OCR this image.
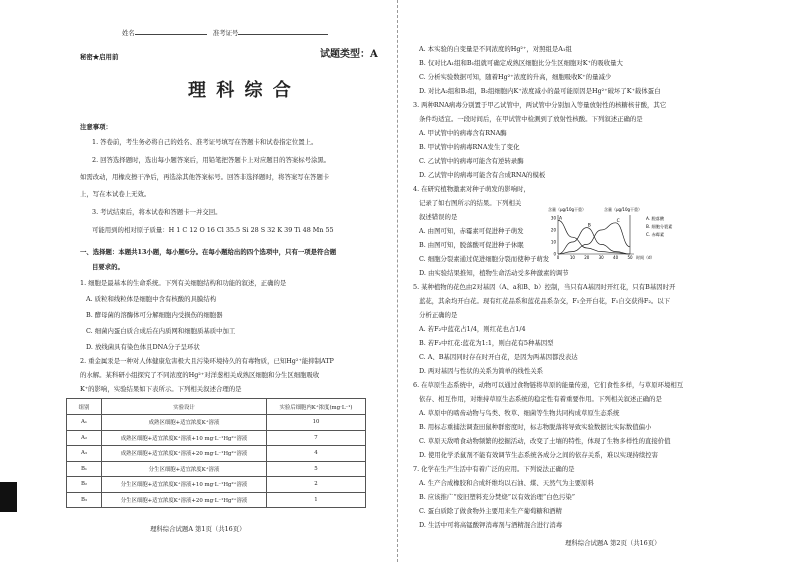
姓名	准考证号
试题类型：A
秘密★启用前
理 科 综 合
注意事项：
1. 答卷前，考生务必将自己的姓名、准考证号填写在答题卡和试卷指定位置上。
2. 回答选择题时，选出每小题答案后，用铅笔把答题卡上对应题目的答案标号涂黑。
如需改动，用橡皮擦干净后，再选涂其他答案标号。回答非选择题时，将答案写在答题卡
上，写在本试卷上无效。
3. 考试结束后，将本试卷和答题卡一并交回。
可能用到的相对原子质量：H 1 C 12 O 16 Cl 35.5 Si 28 S 32 K 39 Ti 48 Mn 55
一、选择题：本题共13小题，每小题6分。在每小题给出的四个选项中，只有一项是符合题
目要求的。
1. 细胞是最基本的生命系统。下列有关细胞结构和功能的叙述，正确的是
A. 质粒和线粒体是细胞中含有核酸的具膜结构
B. 酵母菌的溶酶体可分解细胞内受损伤的细胞器
C. 细菌内蛋白质合成后在内质网和细胞质基质中加工
D. 放线菌具有染色体且DNA分子呈环状
2. 重金属汞是一种对人体健康危害极大且污染环境持久的有毒物质，已知Hg²⁺能抑制ATP
的水解。某科研小组探究了不同浓度的Hg²⁺对洋葱相关成熟区细胞和分生区细胞吸收
K⁺的影响，实验结果如下表所示。下列相关叙述合理的是
组别	实验设计	实验后细胞内K⁺浓度(mg·L⁻¹)
A₁	成熟区细胞+适宜浓度K⁺溶液	10
A₂	成熟区细胞+适宜浓度K⁺溶液+10 mg·L⁻¹Hg²⁺溶液	7
A₃	成熟区细胞+适宜浓度K⁺溶液+20 mg·L⁻¹Hg²⁺溶液	4
B₁	分生区细胞+适宜浓度K⁺溶液	5
B₂	分生区细胞+适宜浓度K⁺溶液+10 mg·L⁻¹Hg²⁺溶液	2
B₃	分生区细胞+适宜浓度K⁺溶液+20 mg·L⁻¹Hg²⁺溶液	1
理科综合试题A 第1页（共16页）
A. 本实验的自变量是不同浓度的Hg²⁺，对照组是A₁组
B. 仅对比A₁组和B₁组就可确定成熟区细胞比分生区细胞对K⁺的吸收量大
C. 分析实验数据可知，随着Hg²⁺浓度的升高，细胞吸收K⁺的量减少
D. 对比A₂组和B₂组，B₂组细胞内K⁺浓度减小的最可能原因是Hg²⁺破坏了K⁺载体蛋白
3. 两种RNA病毒分别置于甲乙试管中，两试管中分别加入等量放射性的核糖核苷酸，其它
条件均适宜。一段时间后，在甲试管中检测到了放射性核酸。下列叙述正确的是
A. 甲试管中的病毒含有RNA酶
B. 甲试管中的病毒RNA发生了变化
C. 乙试管中的病毒可能含有逆转录酶
D. 乙试管中的病毒可能含有合成RNA的模板
4. 在研究植物激素对种子萌发的影响时，
记录了如右图所示的结果。下列相关
叙述错误的是
A. 由图可知，赤霉素可促进种子萌发
B. 由图可知，脱落酸可促进种子休眠
C. 细胞分裂素通过促进细胞分裂而使种子萌发
D. 由实验结果推知，植物生命活动受多种激素的调节
含量（μg/10g干重）	含量（μg/10g干重）
0
10
20
30
0	10 20 30 40 50 时间（d）
A
B
C
A. 脱落酸
B. 细胞分裂素
C. 赤霉素
5. 某种植物的花色由2对基因（A、a和B、b）控制，当只有A基因时开红花，只有B基因时开
蓝花，其余均开白花。现有红花品系和蓝花品系杂交，F₁全开白花，F₁自交获得F₂。以下
分析正确的是
A. 若F₂中蓝花占1/4，则红花也占1/4
B. 若F₂中红花:蓝花为1:1，则白花有5种基因型
C. A、B基因同时存在时开白花，是因为两基因都没表达
D. 两对基因与性状的关系为简单的线性关系
6. 在草原生态系统中，动物可以通过食物链将草原的能量传递，它们食性多样，与草原环境相互
依存、相互作用，对维持草原生态系统的稳定性有着重要作用。下列相关叙述正确的是
A. 草原中的啮齿动物与鸟类、牧草、细菌等生物共同构成草原生态系统
B. 用标志重捕法调查田鼠种群密度时，标志物脱落将导致实验数据比实际数值偏小
C. 草原天敌啃食动物频繁的挖掘活动，改变了土壤的特性，体现了生物多样性的直接价值
D. 使用化学杀鼠剂不能有效调节生态系统各成分之间的依存关系，难以实现持续控害
7. 化学在生产生活中有着广泛的应用。下列说法正确的是
A. 生产合成橡胶和合成纤维均以石油、煤、天然气为主要原料
B. 应该推广“废旧塑料充分焚烧”以有效治理“白色污染”
C. 蛋白质除了做食物外主要用来生产葡萄糖和酒精
D. 生活中可将高锰酸钾消毒剂与酒精混合进行消毒
理科综合试题A 第2页（共16页）
